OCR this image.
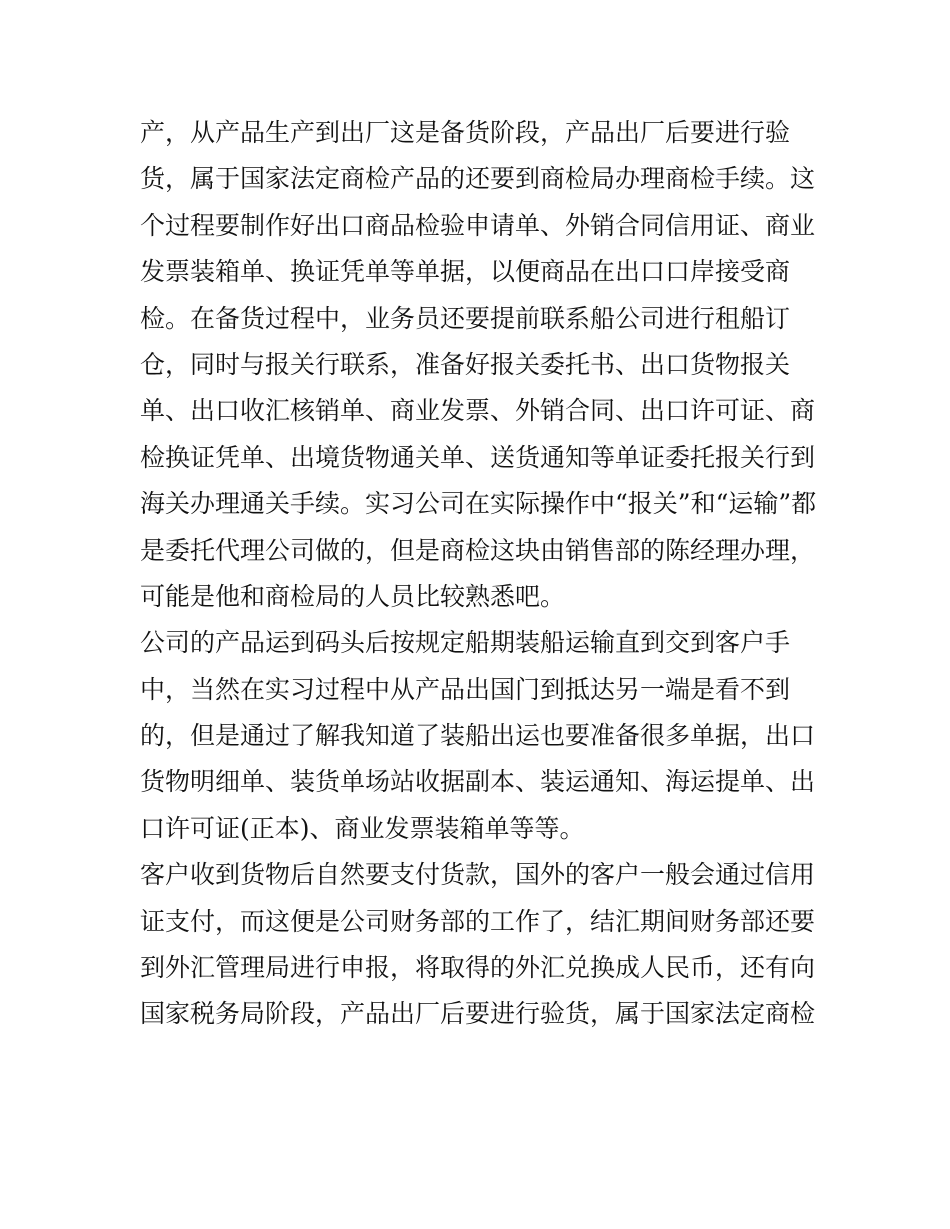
产，从产品生产到出厂这是备货阶段，产品出厂后要进行验
货，属于国家法定商检产品的还要到商检局办理商检手续。这
个过程要制作好出口商品检验申请单、外销合同信用证、商业
发票装箱单、换证凭单等单据，以便商品在出口口岸接受商
检。在备货过程中，业务员还要提前联系船公司进行租船订
仓，同时与报关行联系，准备好报关委托书、出口货物报关
单、出口收汇核销单、商业发票、外销合同、出口许可证、商
检换证凭单、出境货物通关单、送货通知等单证委托报关行到
海关办理通关手续。实习公司在实际操作中“报关”和“运输”都
是委托代理公司做的，但是商检这块由销售部的陈经理办理，
可能是他和商检局的人员比较熟悉吧。
公司的产品运到码头后按规定船期装船运输直到交到客户手
中，当然在实习过程中从产品出国门到抵达另一端是看不到
的，但是通过了解我知道了装船出运也要准备很多单据，出口
货物明细单、装货单场站收据副本、装运通知、海运提单、出
口许可证(正本)、商业发票装箱单等等。
客户收到货物后自然要支付货款，国外的客户一般会通过信用
证支付，而这便是公司财务部的工作了，结汇期间财务部还要
到外汇管理局进行申报，将取得的外汇兑换成人民币，还有向
国家税务局阶段，产品出厂后要进行验货，属于国家法定商检
